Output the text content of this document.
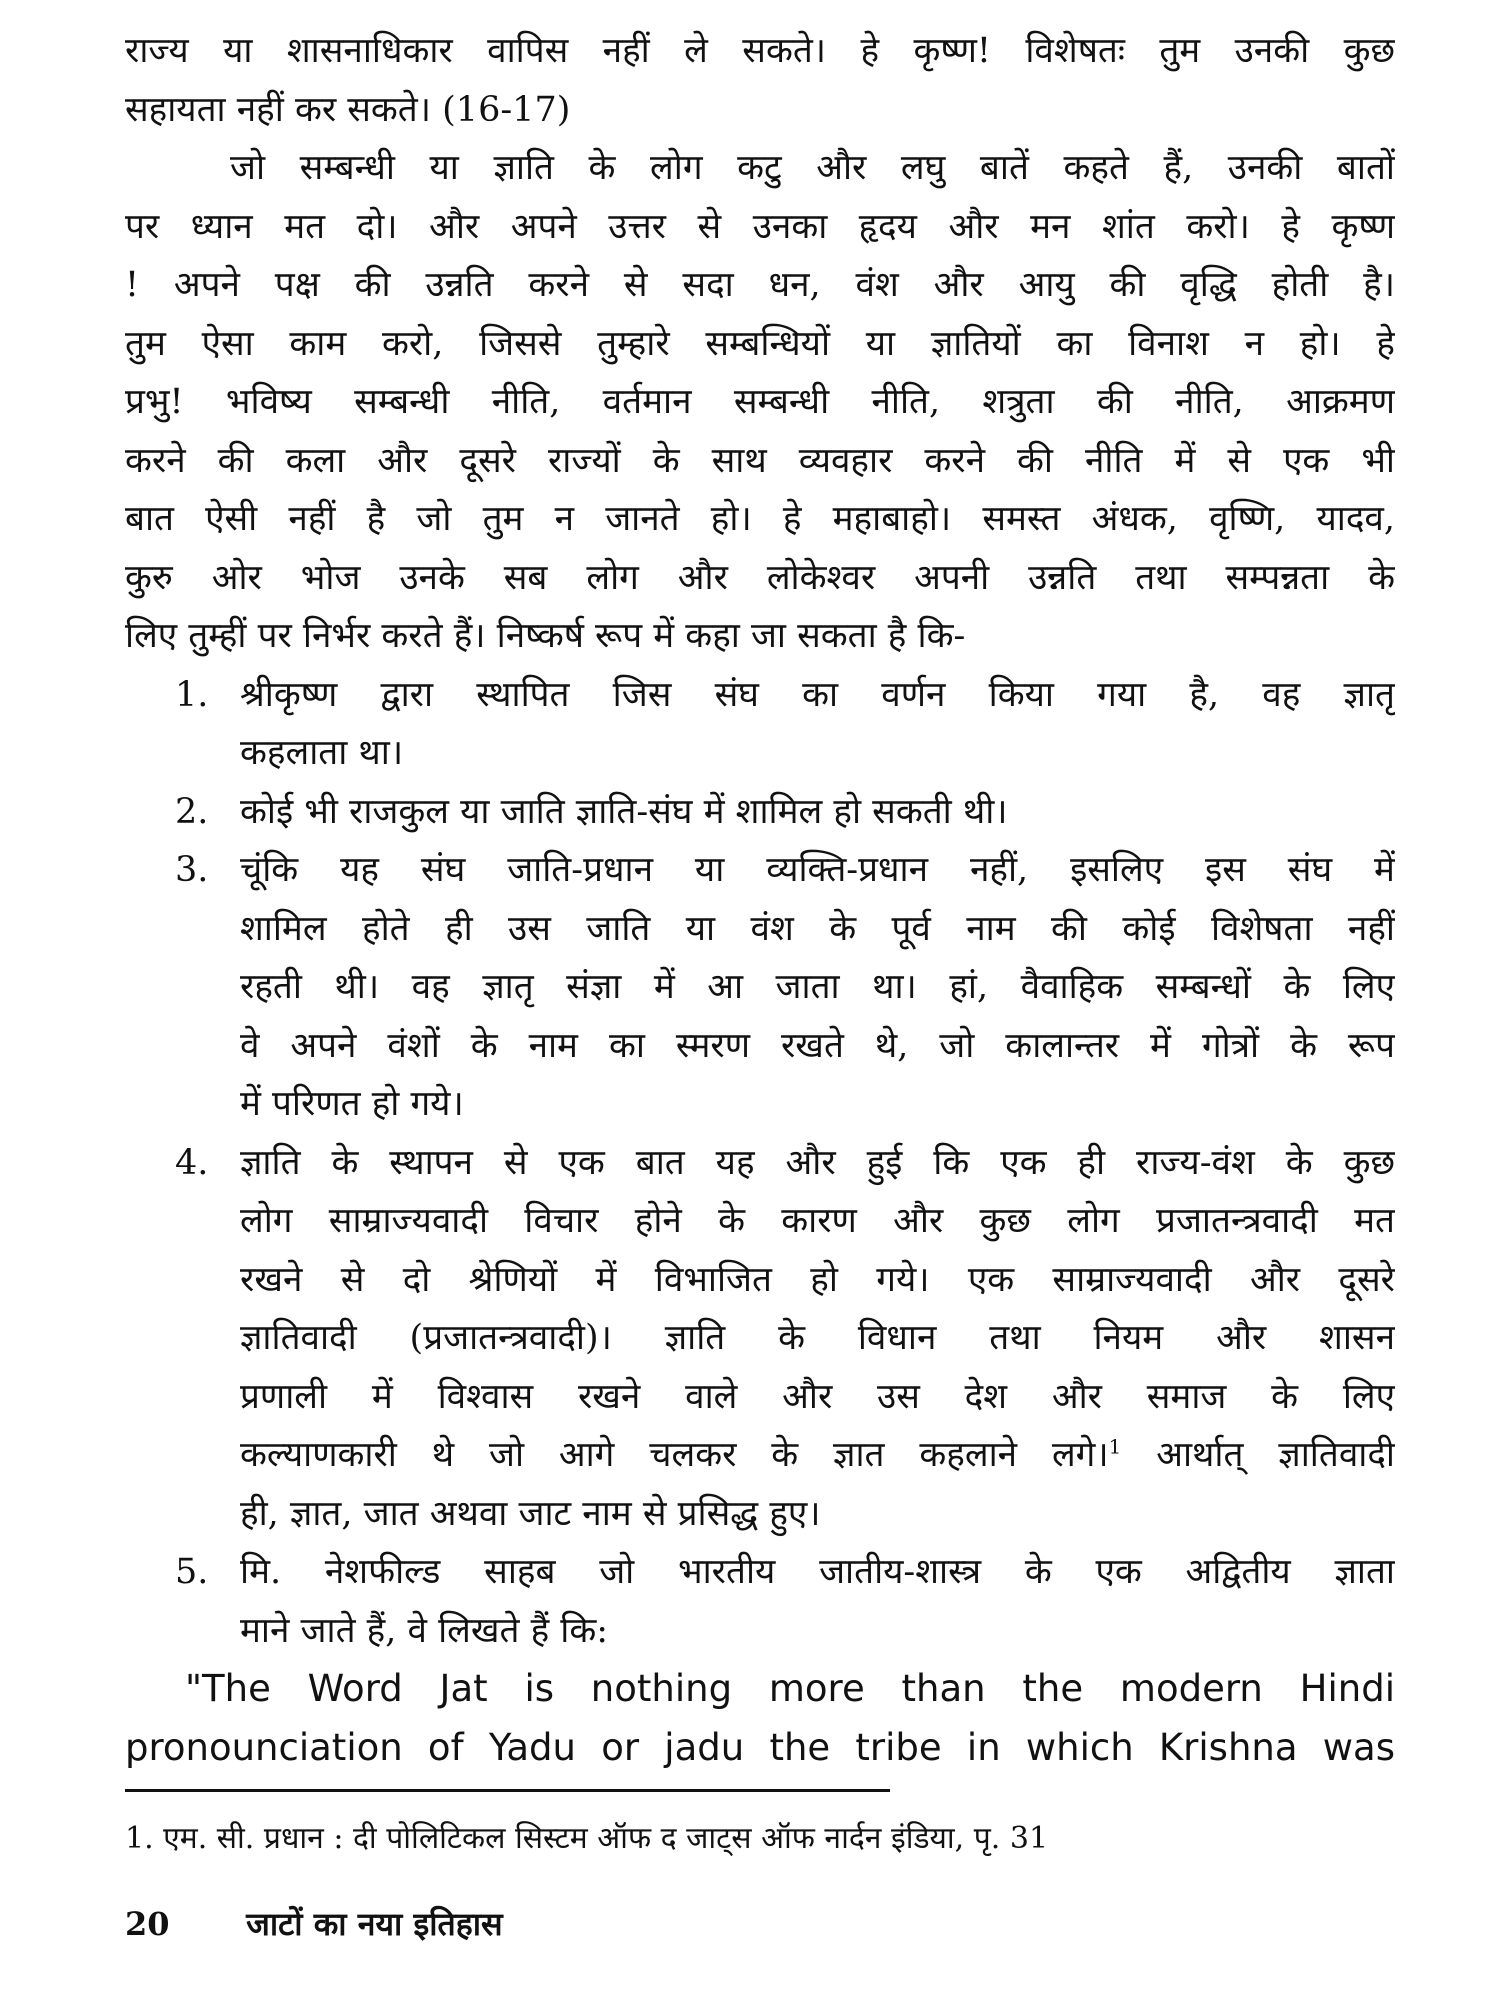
राज्य या शासनाधिकार वापिस नहीं ले सकते। हे कृष्ण! विशेषतः तुम उनकी कुछ
सहायता नहीं कर सकते। (16-17)
जो सम्बन्धी या ज्ञाति के लोग कटु और लघु बातें कहते हैं, उनकी बातों
पर ध्यान मत दो। और अपने उत्तर से उनका हृदय और मन शांत करो। हे कृष्ण
! अपने पक्ष की उन्नति करने से सदा धन, वंश और आयु की वृद्धि होती है।
तुम ऐसा काम करो, जिससे तुम्हारे सम्बन्धियों या ज्ञातियों का विनाश न हो। हे
प्रभु! भविष्य सम्बन्धी नीति, वर्तमान सम्बन्धी नीति, शत्रुता की नीति, आक्रमण
करने की कला और दूसरे राज्यों के साथ व्यवहार करने की नीति में से एक भी
बात ऐसी नहीं है जो तुम न जानते हो। हे महाबाहो। समस्त अंधक, वृष्णि, यादव,
कुरु ओर भोज उनके सब लोग और लोकेश्वर अपनी उन्नति तथा सम्पन्नता के
लिए तुम्हीं पर निर्भर करते हैं। निष्कर्ष रूप में कहा जा सकता है कि-
1. श्रीकृष्ण द्वारा स्थापित जिस संघ का वर्णन किया गया है, वह ज्ञातृ
कहलाता था।
2. कोई भी राजकुल या जाति ज्ञाति-संघ में शामिल हो सकती थी।
3. चूंकि यह संघ जाति-प्रधान या व्यक्ति-प्रधान नहीं, इसलिए इस संघ में
शामिल होते ही उस जाति या वंश के पूर्व नाम की कोई विशेषता नहीं
रहती थी। वह ज्ञातृ संज्ञा में आ जाता था। हां, वैवाहिक सम्बन्धों के लिए
वे अपने वंशों के नाम का स्मरण रखते थे, जो कालान्तर में गोत्रों के रूप
में परिणत हो गये।
4. ज्ञाति के स्थापन से एक बात यह और हुई कि एक ही राज्य-वंश के कुछ
लोग साम्राज्यवादी विचार होने के कारण और कुछ लोग प्रजातन्त्रवादी मत
रखने से दो श्रेणियों में विभाजित हो गये। एक साम्राज्यवादी और दूसरे
ज्ञातिवादी (प्रजातन्त्रवादी)। ज्ञाति के विधान तथा नियम और शासन
प्रणाली में विश्वास रखने वाले और उस देश और समाज के लिए
कल्याणकारी थे जो आगे चलकर के ज्ञात कहलाने लगे।$^1$ आर्थात् ज्ञातिवादी
ही, ज्ञात, जात अथवा जाट नाम से प्रसिद्ध हुए।
5. मि. नेशफील्ड साहब जो भारतीय जातीय-शास्त्र के एक अद्वितीय ज्ञाता
माने जाते हैं, वे लिखते हैं कि:
"The Word Jat is nothing more than the modern Hindi
pronounciation of Yadu or jadu the tribe in which Krishna was
1. एम. सी. प्रधान : दी पोलिटिकल सिस्टम ऑफ द जाट्स ऑफ नार्दन इंडिया, पृ. 31
20 जाटों का नया इतिहास
